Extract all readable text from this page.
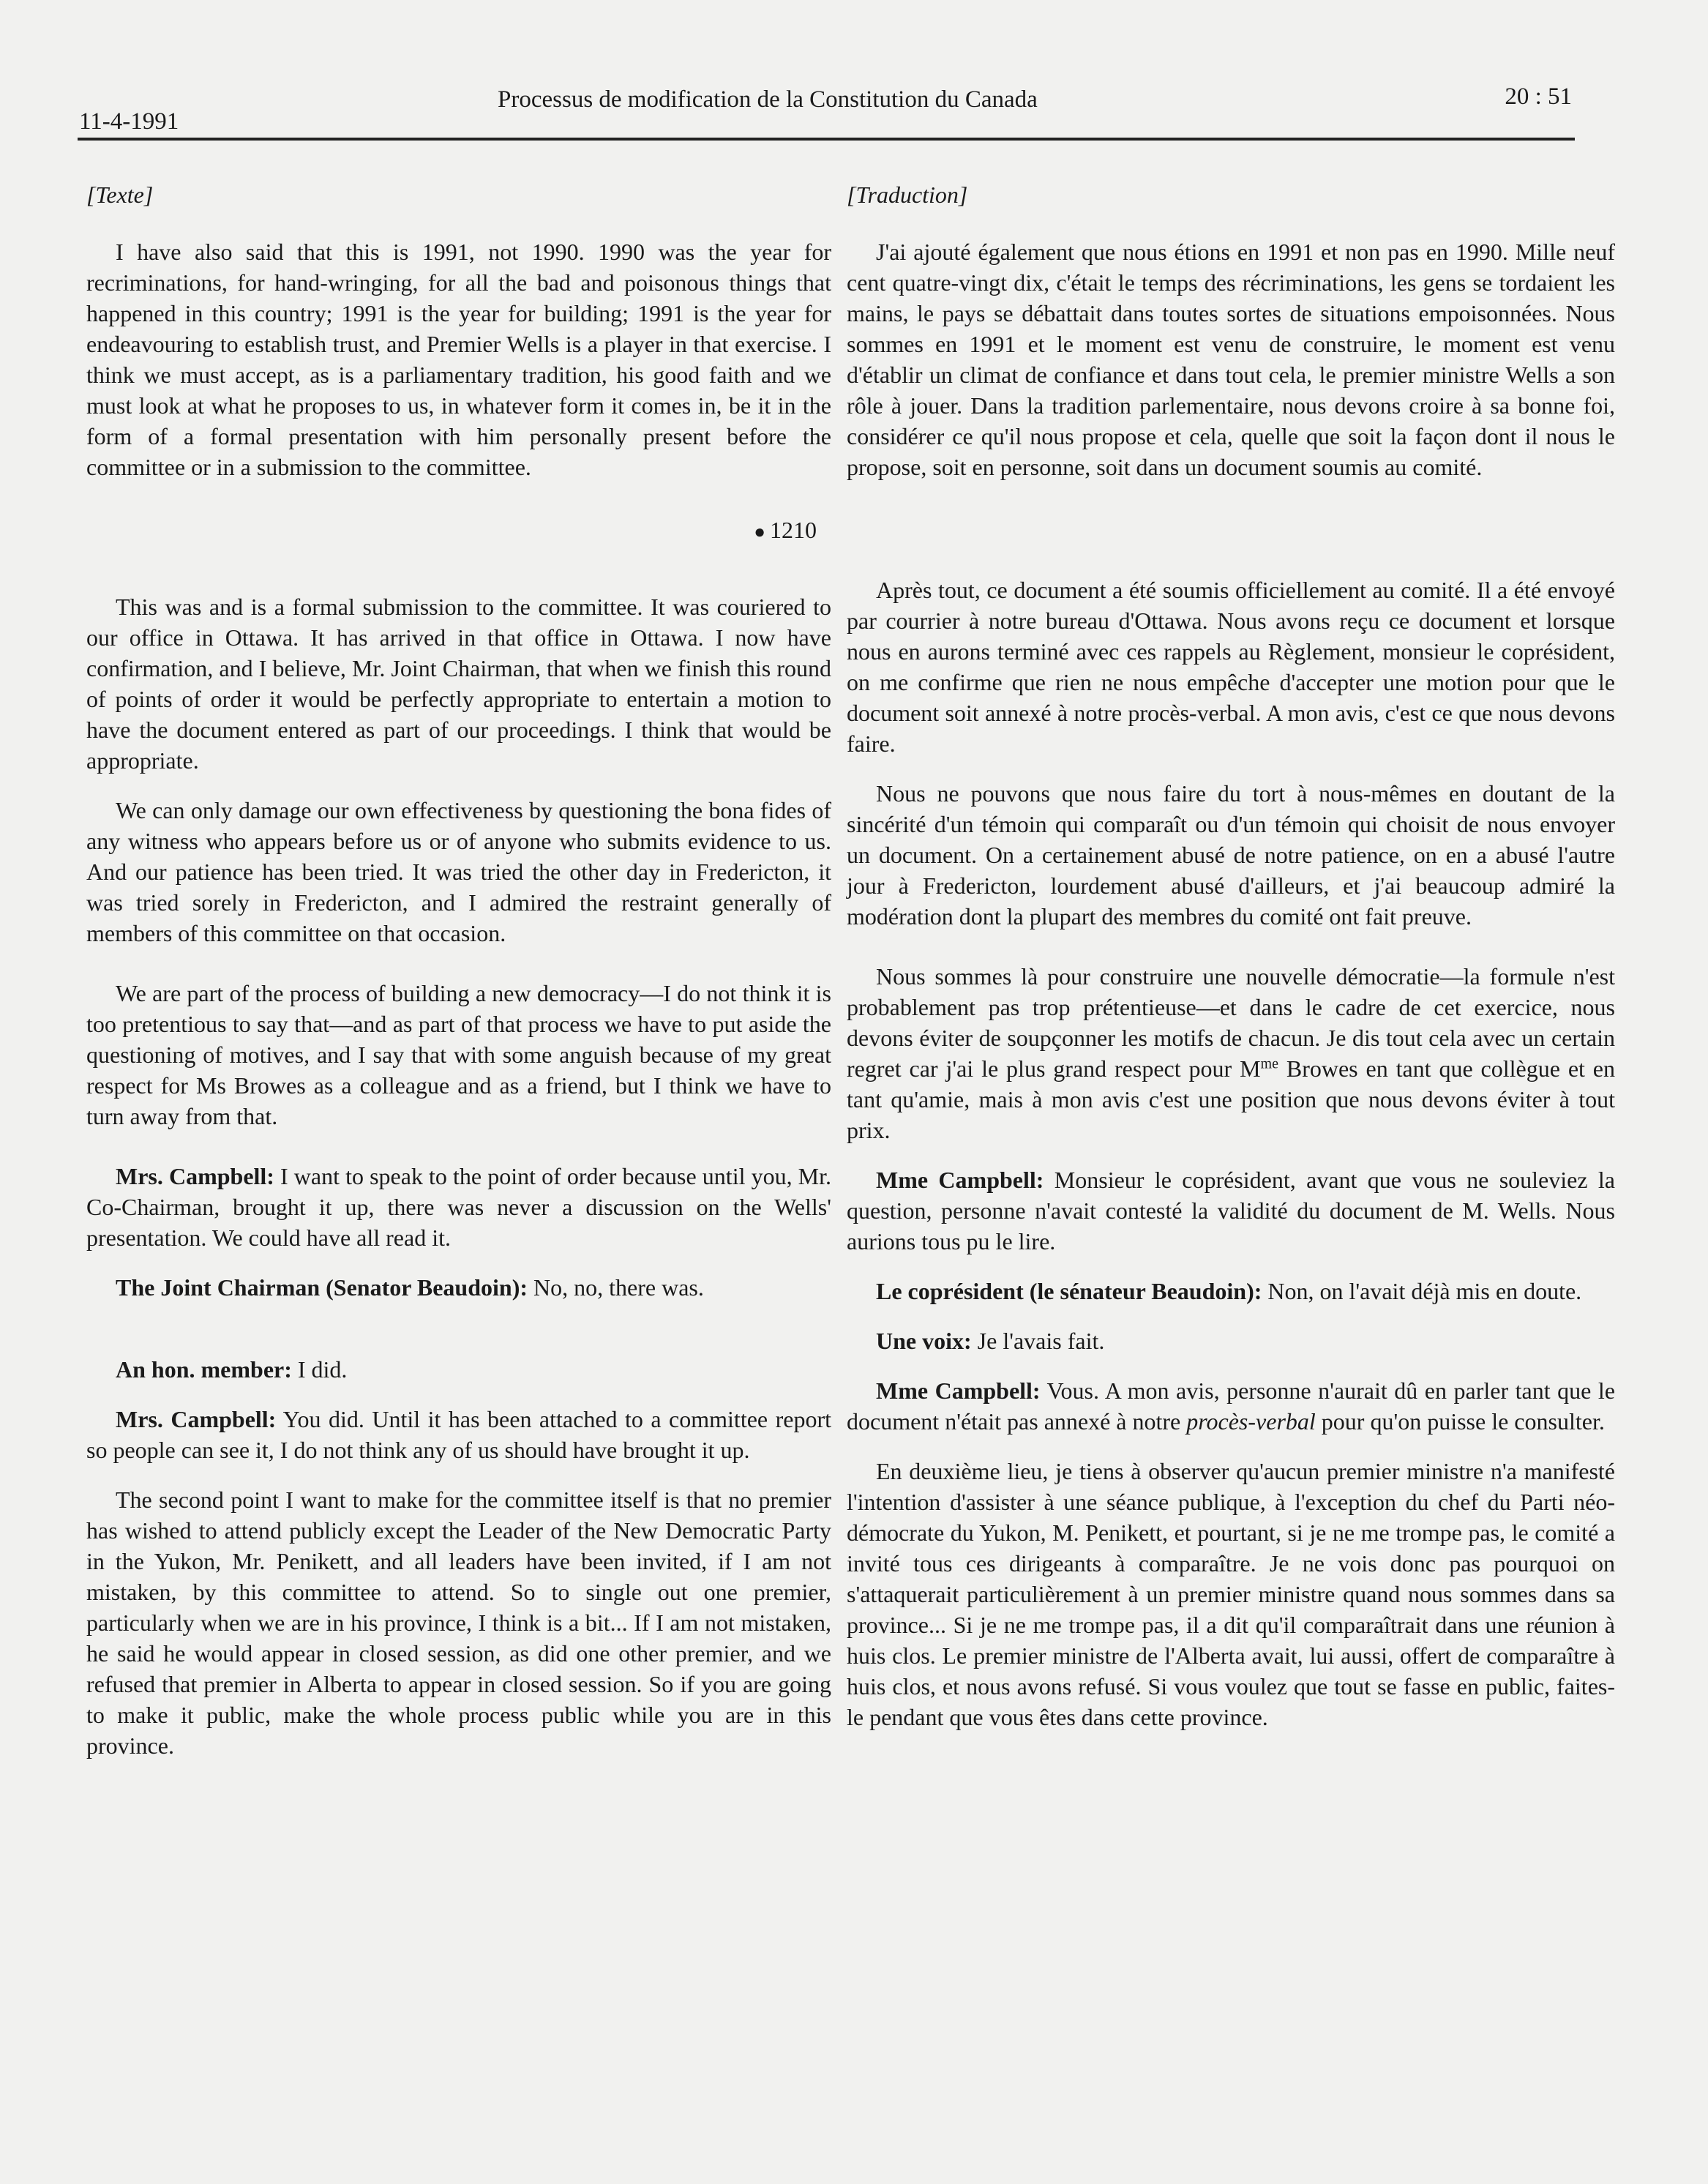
11-4-1991
Processus de modification de la Constitution du Canada	20 : 51

[Texte]

I have also said that this is 1991, not 1990. 1990 was the year for recriminations, for hand-wringing, for all the bad and poisonous things that happened in this country; 1991 is the year for building; 1991 is the year for endeavouring to establish trust, and Premier Wells is a player in that exercise. I think we must accept, as is a parliamentary tradition, his good faith and we must look at what he proposes to us, in whatever form it comes in, be it in the form of a formal presentation with him personally present before the committee or in a submission to the committee.

● 1210

This was and is a formal submission to the committee. It was couriered to our office in Ottawa. It has arrived in that office in Ottawa. I now have confirmation, and I believe, Mr. Joint Chairman, that when we finish this round of points of order it would be perfectly appropriate to entertain a motion to have the document entered as part of our proceedings. I think that would be appropriate.

We can only damage our own effectiveness by questioning the bona fides of any witness who appears before us or of anyone who submits evidence to us. And our patience has been tried. It was tried the other day in Fredericton, it was tried sorely in Fredericton, and I admired the restraint generally of members of this committee on that occasion.

We are part of the process of building a new democracy—I do not think it is too pretentious to say that—and as part of that process we have to put aside the questioning of motives, and I say that with some anguish because of my great respect for Ms Browes as a colleague and as a friend, but I think we have to turn away from that.

Mrs. Campbell: I want to speak to the point of order because until you, Mr. Co-Chairman, brought it up, there was never a discussion on the Wells' presentation. We could have all read it.

The Joint Chairman (Senator Beaudoin): No, no, there was.

An hon. member: I did.

Mrs. Campbell: You did. Until it has been attached to a committee report so people can see it, I do not think any of us should have brought it up.

The second point I want to make for the committee itself is that no premier has wished to attend publicly except the Leader of the New Democratic Party in the Yukon, Mr. Penikett, and all leaders have been invited, if I am not mistaken, by this committee to attend. So to single out one premier, particularly when we are in his province, I think is a bit... If I am not mistaken, he said he would appear in closed session, as did one other premier, and we refused that premier in Alberta to appear in closed session. So if you are going to make it public, make the whole process public while you are in this province.

[Traduction]

J'ai ajouté également que nous étions en 1991 et non pas en 1990. Mille neuf cent quatre-vingt dix, c'était le temps des récriminations, les gens se tordaient les mains, le pays se débattait dans toutes sortes de situations empoisonnées. Nous sommes en 1991 et le moment est venu de construire, le moment est venu d'établir un climat de confiance et dans tout cela, le premier ministre Wells a son rôle à jouer. Dans la tradition parlementaire, nous devons croire à sa bonne foi, considérer ce qu'il nous propose et cela, quelle que soit la façon dont il nous le propose, soit en personne, soit dans un document soumis au comité.

Après tout, ce document a été soumis officiellement au comité. Il a été envoyé par courrier à notre bureau d'Ottawa. Nous avons reçu ce document et lorsque nous en aurons terminé avec ces rappels au Règlement, monsieur le coprésident, on me confirme que rien ne nous empêche d'accepter une motion pour que le document soit annexé à notre procès-verbal. A mon avis, c'est ce que nous devons faire.

Nous ne pouvons que nous faire du tort à nous-mêmes en doutant de la sincérité d'un témoin qui comparaît ou d'un témoin qui choisit de nous envoyer un document. On a certainement abusé de notre patience, on en a abusé l'autre jour à Fredericton, lourdement abusé d'ailleurs, et j'ai beaucoup admiré la modération dont la plupart des membres du comité ont fait preuve.

Nous sommes là pour construire une nouvelle démocratie—la formule n'est probablement pas trop prétentieuse—et dans le cadre de cet exercice, nous devons éviter de soupçonner les motifs de chacun. Je dis tout cela avec un certain regret car j'ai le plus grand respect pour $M^{me}$ Browes en tant que collègue et en tant qu'amie, mais à mon avis c'est une position que nous devons éviter à tout prix.

Mme Campbell: Monsieur le coprésident, avant que vous ne souleviez la question, personne n'avait contesté la validité du document de M. Wells. Nous aurions tous pu le lire.

Le coprésident (le sénateur Beaudoin): Non, on l'avait déjà mis en doute.

Une voix: Je l'avais fait.

Mme Campbell: Vous. A mon avis, personne n'aurait dû en parler tant que le document n'était pas annexé à notre procès-verbal pour qu'on puisse le consulter.

En deuxième lieu, je tiens à observer qu'aucun premier ministre n'a manifesté l'intention d'assister à une séance publique, à l'exception du chef du Parti néo-démocrate du Yukon, M. Penikett, et pourtant, si je ne me trompe pas, le comité a invité tous ces dirigeants à comparaître. Je ne vois donc pas pourquoi on s'attaquerait particulièrement à un premier ministre quand nous sommes dans sa province... Si je ne me trompe pas, il a dit qu'il comparaîtrait dans une réunion à huis clos. Le premier ministre de l'Alberta avait, lui aussi, offert de comparaître à huis clos, et nous avons refusé. Si vous voulez que tout se fasse en public, faites-le pendant que vous êtes dans cette province.
